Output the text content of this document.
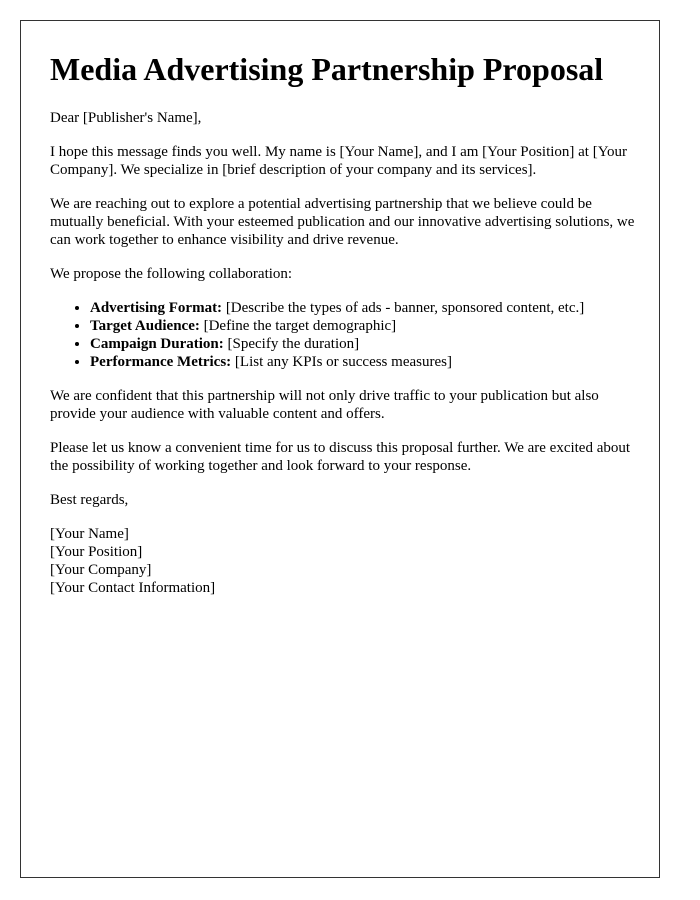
Media Advertising Partnership Proposal

Dear [Publisher's Name],

I hope this message finds you well. My name is [Your Name], and I am [Your Position] at [Your Company]. We specialize in [brief description of your company and its services].

We are reaching out to explore a potential advertising partnership that we believe could be mutually beneficial. With your esteemed publication and our innovative advertising solutions, we can work together to enhance visibility and drive revenue.

We propose the following collaboration:

• Advertising Format: [Describe the types of ads - banner, sponsored content, etc.]
• Target Audience: [Define the target demographic]
• Campaign Duration: [Specify the duration]
• Performance Metrics: [List any KPIs or success measures]

We are confident that this partnership will not only drive traffic to your publication but also provide your audience with valuable content and offers.

Please let us know a convenient time for us to discuss this proposal further. We are excited about the possibility of working together and look forward to your response.

Best regards,

[Your Name]
[Your Position]
[Your Company]
[Your Contact Information]
